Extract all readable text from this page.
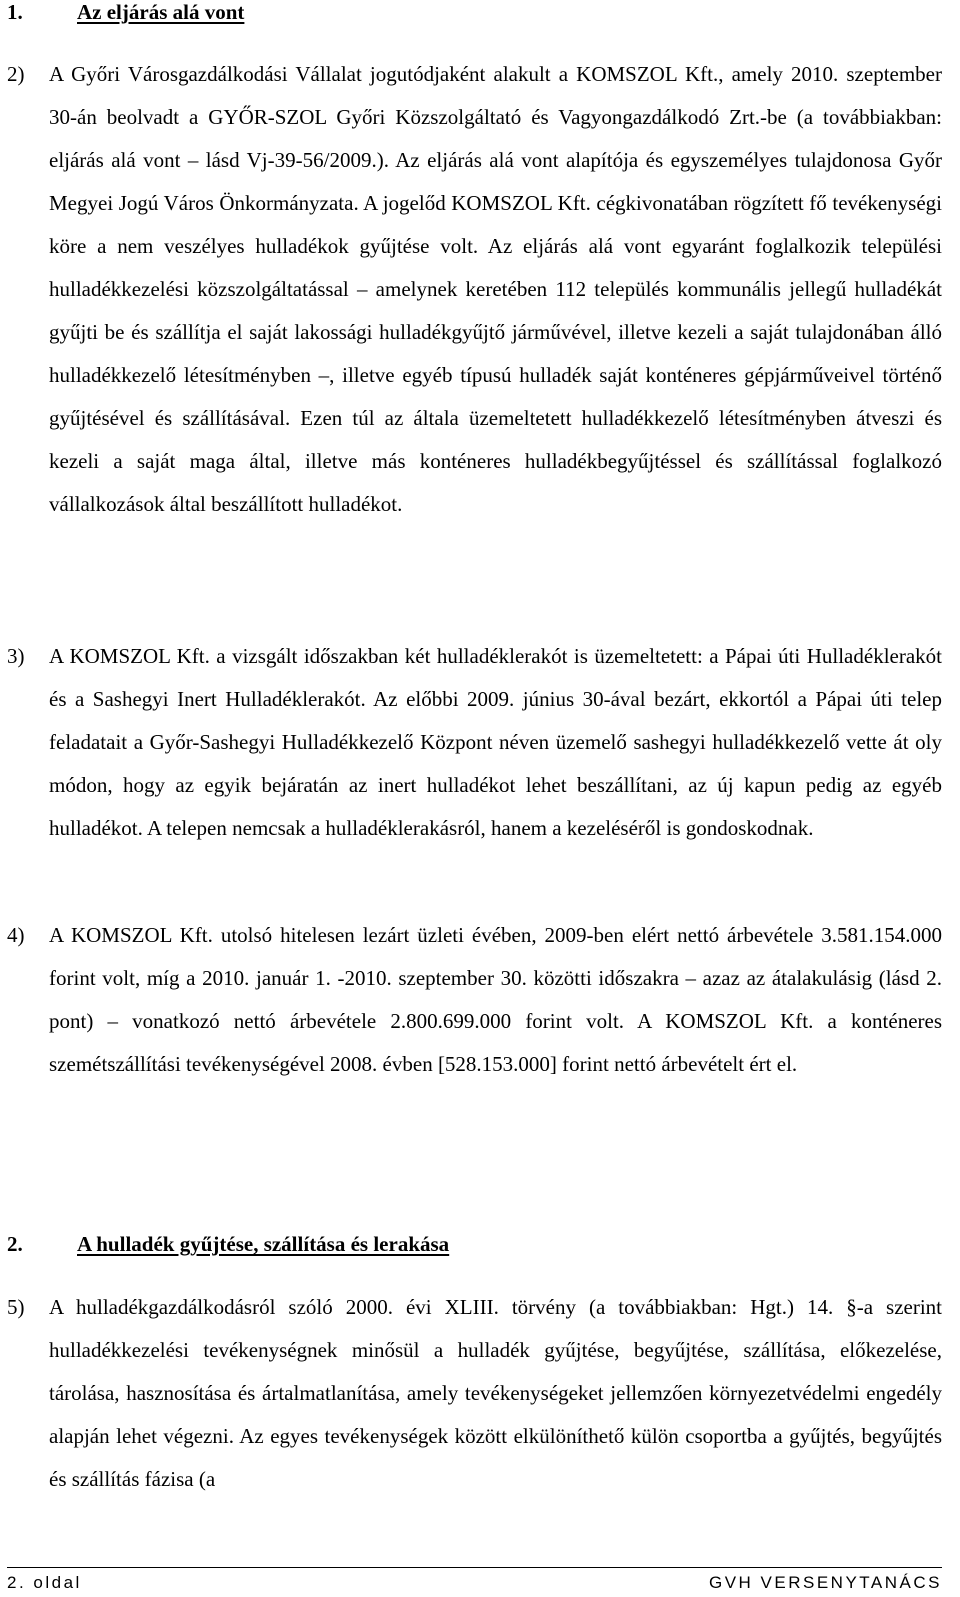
1.	Az eljárás alá vont
2) A Győri Városgazdálkodási Vállalat jogutódjaként alakult a KOMSZOL Kft., amely 2010. szeptember 30-án beolvadt a GYŐR-SZOL Győri Közszolgáltató és Vagyongazdálkodó Zrt.-be (a továbbiakban: eljárás alá vont – lásd Vj-39-56/2009.). Az eljárás alá vont alapítója és egyszemélyes tulajdonosa Győr Megyei Jogú Város Önkormányzata. A jogelőd KOMSZOL Kft. cégkivonatában rögzített fő tevékenységi köre a nem veszélyes hulladékok gyűjtése volt. Az eljárás alá vont egyaránt foglalkozik települési hulladékkezelési közszolgáltatással – amelynek keretében 112 település kommunális jellegű hulladékát gyűjti be és szállítja el saját lakossági hulladékgyűjtő járművével, illetve kezeli a saját tulajdonában álló hulladékkezelő létesítményben –, illetve egyéb típusú hulladék saját konténeres gépjárműveivel történő gyűjtésével és szállításával. Ezen túl az általa üzemeltetett hulladékkezelő létesítményben átveszi és kezeli a saját maga által, illetve más konténeres hulladékbegyűjtéssel és szállítással foglalkozó vállalkozások által beszállított hulladékot.
3) A KOMSZOL Kft. a vizsgált időszakban két hulladéklerakót is üzemeltetett: a Pápai úti Hulladéklerakót és a Sashegyi Inert Hulladéklerakót. Az előbbi 2009. június 30-ával bezárt, ekkortól a Pápai úti telep feladatait a Győr-Sashegyi Hulladékkezelő Központ néven üzemelő sashegyi hulladékkezelő vette át oly módon, hogy az egyik bejáratán az inert hulladékot lehet beszállítani, az új kapun pedig az egyéb hulladékot. A telepen nemcsak a hulladéklerakásról, hanem a kezeléséről is gondoskodnak.
4) A KOMSZOL Kft. utolsó hitelesen lezárt üzleti évében, 2009-ben elért nettó árbevétele 3.581.154.000 forint volt, míg a 2010. január 1. -2010. szeptember 30. közötti időszakra – azaz az átalakulásig (lásd 2. pont) – vonatkozó nettó árbevétele 2.800.699.000 forint volt. A KOMSZOL Kft. a konténeres szemétszállítási tevékenységével 2008. évben [528.153.000] forint nettó árbevételt ért el.
2.	A hulladék gyűjtése, szállítása és lerakása
5) A hulladékgazdálkodásról szóló 2000. évi XLIII. törvény (a továbbiakban: Hgt.) 14. §-a szerint hulladékkezelési tevékenységnek minősül a hulladék gyűjtése, begyűjtése, szállítása, előkezelése, tárolása, hasznosítása és ártalmatlanítása, amely tevékenységeket jellemzően környezetvédelmi engedély alapján lehet végezni. Az egyes tevékenységek között elkülöníthető külön csoportba a gyűjtés, begyűjtés és szállítás fázisa (a
2. oldal	GVH VERSENYTANÁCS
